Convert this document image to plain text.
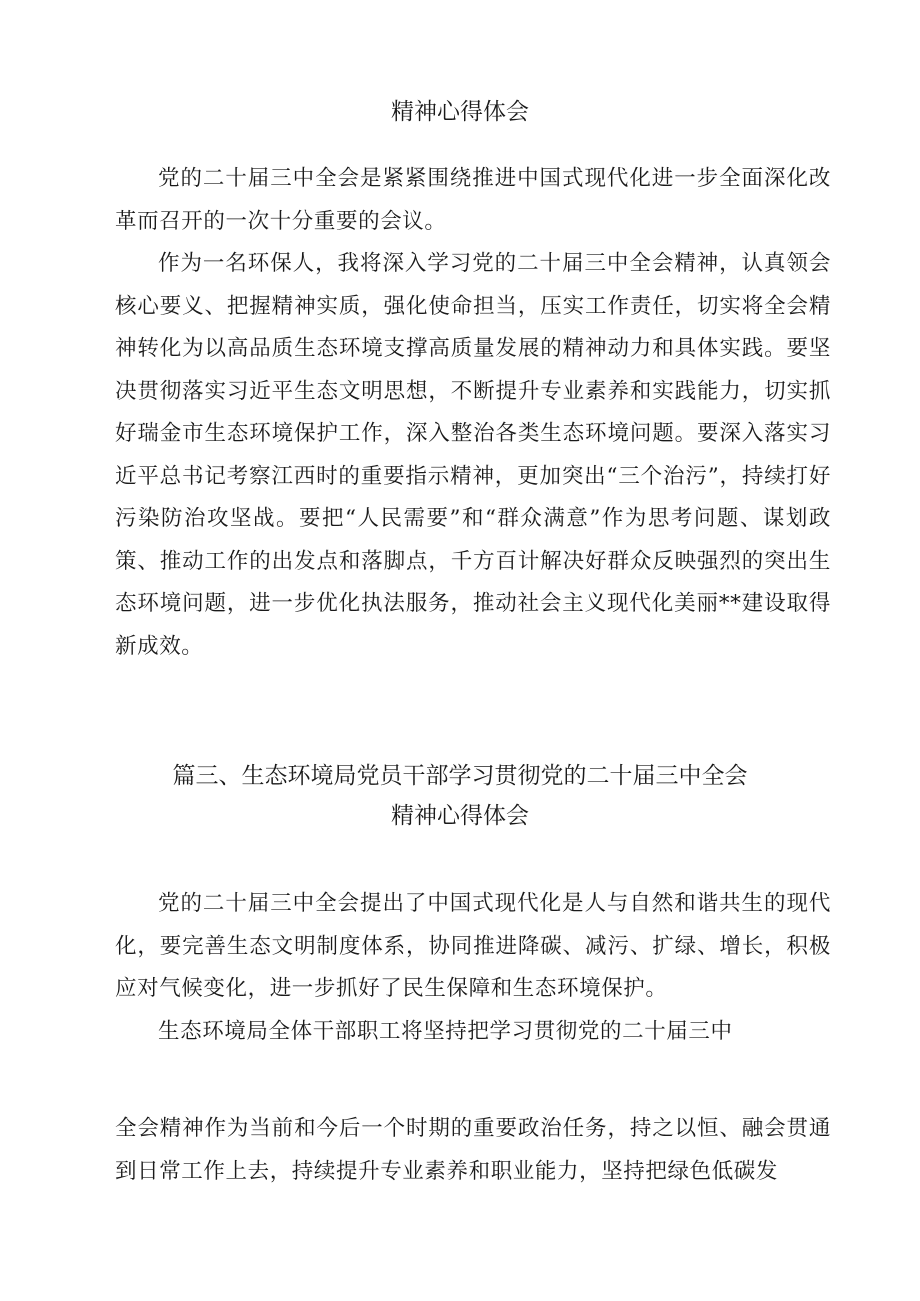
精神心得体会

党的二十届三中全会是紧紧围绕推进中国式现代化进一步全面深化改革而召开的一次十分重要的会议。

作为一名环保人，我将深入学习党的二十届三中全会精神，认真领会核心要义、把握精神实质，强化使命担当，压实工作责任，切实将全会精神转化为以高品质生态环境支撑高质量发展的精神动力和具体实践。要坚决贯彻落实习近平生态文明思想，不断提升专业素养和实践能力，切实抓好瑞金市生态环境保护工作，深入整治各类生态环境问题。要深入落实习近平总书记考察江西时的重要指示精神，更加突出“三个治污”，持续打好污染防治攻坚战。要把“人民需要”和“群众满意”作为思考问题、谋划政策、推动工作的出发点和落脚点，千方百计解决好群众反映强烈的突出生态环境问题，进一步优化执法服务，推动社会主义现代化美丽**建设取得新成效。

篇三、生态环境局党员干部学习贯彻党的二十届三中全会
精神心得体会

党的二十届三中全会提出了中国式现代化是人与自然和谐共生的现代化，要完善生态文明制度体系，协同推进降碳、减污、扩绿、增长，积极应对气候变化，进一步抓好了民生保障和生态环境保护。

生态环境局全体干部职工将坚持把学习贯彻党的二十届三中

全会精神作为当前和今后一个时期的重要政治任务，持之以恒、融会贯通到日常工作上去，持续提升专业素养和职业能力，坚持把绿色低碳发
